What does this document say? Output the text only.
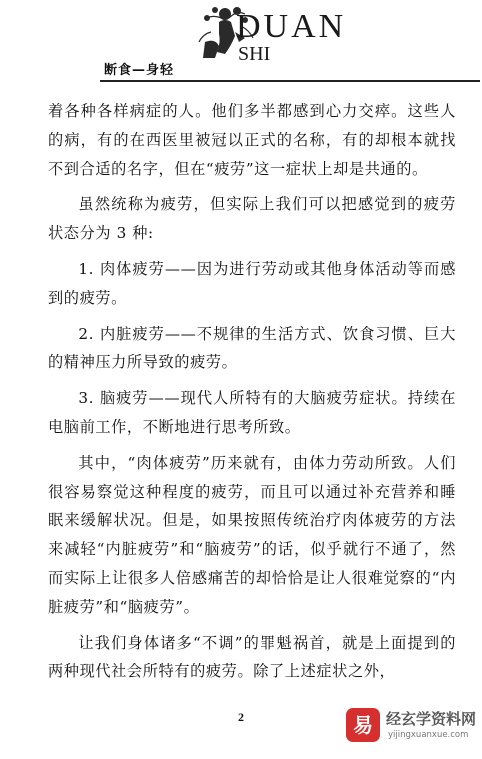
DUAN
SHI
断食—身轻

着各种各样病症的人。他们多半都感到心力交瘁。这些人的病，有的在西医里被冠以正式的名称，有的却根本就找不到合适的名字，但在“疲劳”这一症状上却是共通的。

虽然统称为疲劳，但实际上我们可以把感觉到的疲劳状态分为 3 种:

1. 肉体疲劳——因为进行劳动或其他身体活动等而感到的疲劳。

2. 内脏疲劳——不规律的生活方式、饮食习惯、巨大的精神压力所导致的疲劳。

3. 脑疲劳——现代人所特有的大脑疲劳症状。持续在电脑前工作，不断地进行思考所致。

其中，“肉体疲劳”历来就有，由体力劳动所致。人们很容易察觉这种程度的疲劳，而且可以通过补充营养和睡眠来缓解状况。但是，如果按照传统治疗肉体疲劳的方法来减轻“内脏疲劳”和“脑疲劳”的话，似乎就行不通了，然而实际上让很多人倍感痛苦的却恰恰是让人很难觉察的“内脏疲劳”和“脑疲劳”。

让我们身体诸多“不调”的罪魁祸首，就是上面提到的两种现代社会所特有的疲劳。除了上述症状之外，

2	易 经玄学资料网
yijingxuanxue.com
